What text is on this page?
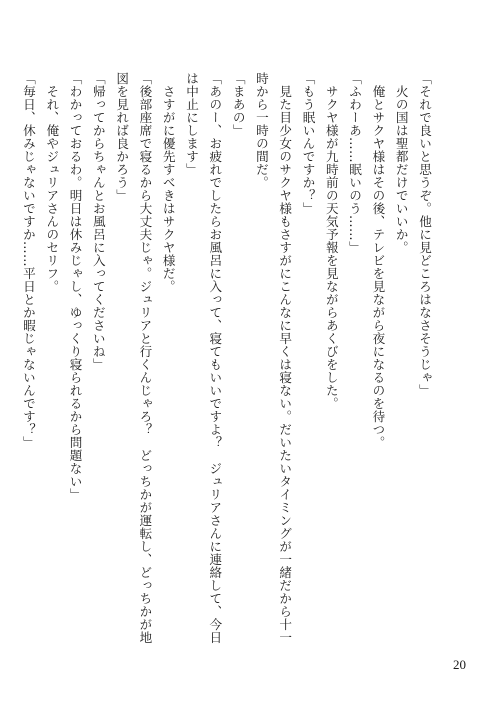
「それで良いと思うぞ。他に見どころはなさそうじゃ」

　火の国は聖都だけでいいか。

　俺とサクヤ様はその後、テレビを見ながら夜になるのを待つ。

「ふわーあ……眠いのう……」

　サクヤ様が九時前の天気予報を見ながらあくびをした。

「もう眠いんですか？」

　見た目少女のサクヤ様もさすがにこんなに早くは寝ない。だいたいタイミングが一緒だから十一

時から一時の間だ。

「まあの」

「あのー、お疲れでしたらお風呂に入って、寝てもいいですよ？　ジュリアさんに連絡して、今日

は中止にします」

　さすがに優先すべきはサクヤ様だ。

「後部座席で寝るから大丈夫じゃ。ジュリアと行くんじゃろ？　どっちかが運転し、どっちかが地

図を見れば良かろう」

「帰ってからちゃんとお風呂に入ってくださいね」

「わかっておるわ。明日は休みじゃし、ゆっくり寝られるから問題ない」

　それ、俺やジュリアさんのセリフ。

「毎日、休みじゃないですか……平日とか暇じゃないんです？」

20
